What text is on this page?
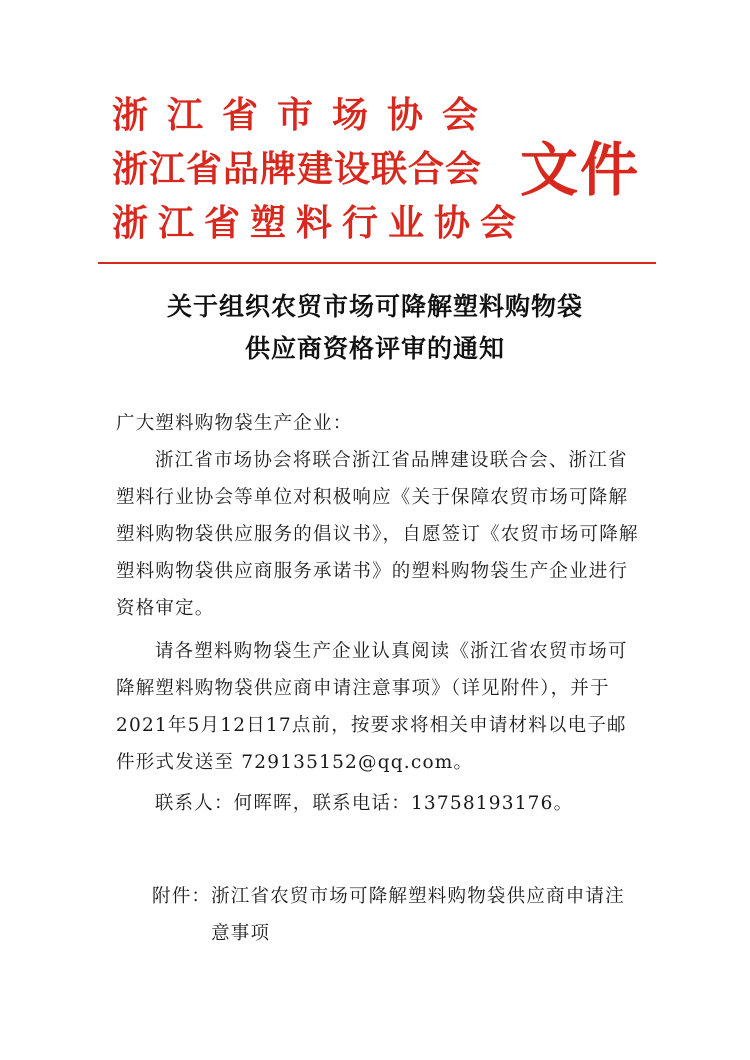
浙江省市场协会
浙江省品牌建设联合会
浙江省塑料行业协会
文件
关于组织农贸市场可降解塑料购物袋
供应商资格评审的通知

广大塑料购物袋生产企业：

浙江省市场协会将联合浙江省品牌建设联合会、浙江省塑料行业协会等单位对积极响应《关于保障农贸市场可降解塑料购物袋供应服务的倡议书》，自愿签订《农贸市场可降解塑料购物袋供应商服务承诺书》的塑料购物袋生产企业进行资格审定。

请各塑料购物袋生产企业认真阅读《浙江省农贸市场可降解塑料购物袋供应商申请注意事项》（详见附件），并于2021年5月12日17点前，按要求将相关申请材料以电子邮件形式发送至 729135152@qq.com。

联系人：何晖晖，联系电话：13758193176。

附件： 浙江省农贸市场可降解塑料购物袋供应商申请注意事项
